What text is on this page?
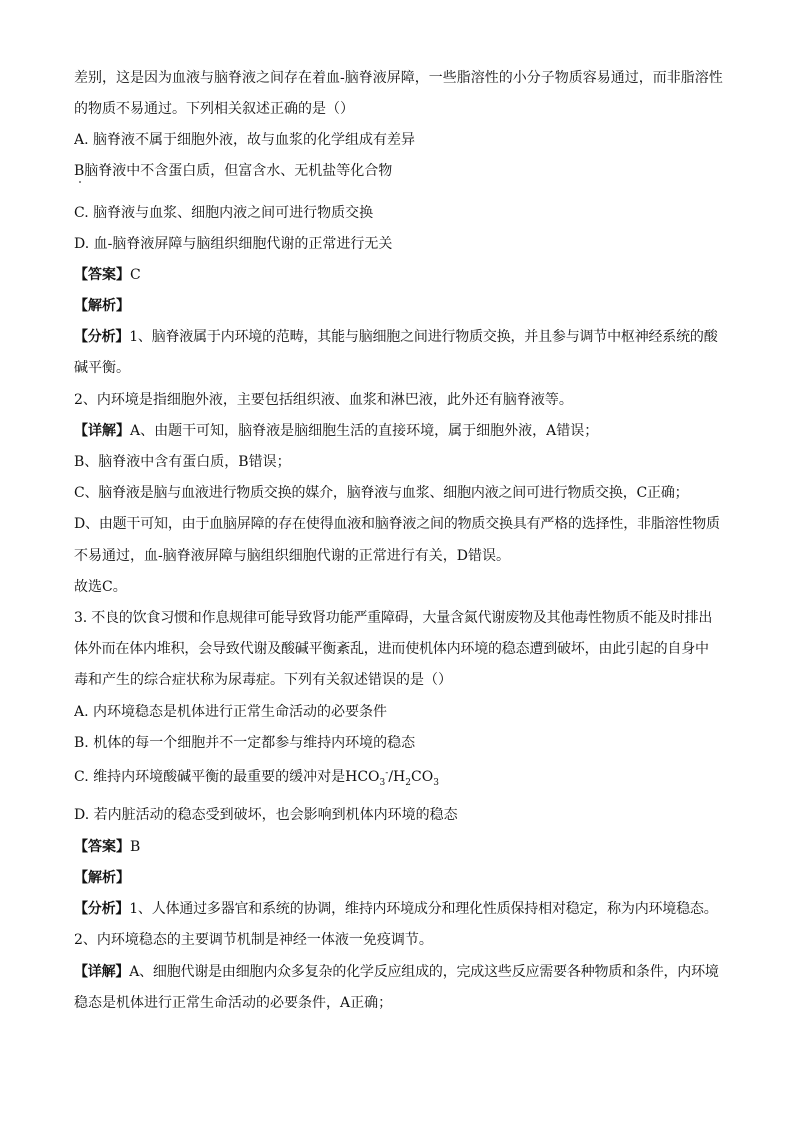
差别，这是因为血液与脑脊液之间存在着血-脑脊液屏障，一些脂溶性的小分子物质容易通过，而非脂溶性
的物质不易通过。下列相关叙述正确的是（）
A. 脑脊液不属于细胞外液，故与血浆的化学组成有差异
B脑脊液中不含蛋白质，但富含水、无机盐等化合物
C. 脑脊液与血浆、细胞内液之间可进行物质交换
D. 血-脑脊液屏障与脑组织细胞代谢的正常进行无关
【答案】C
【解析】
【分析】1、脑脊液属于内环境的范畴，其能与脑细胞之间进行物质交换，并且参与调节中枢神经系统的酸
碱平衡。
2、内环境是指细胞外液，主要包括组织液、血浆和淋巴液，此外还有脑脊液等。
【详解】A、由题干可知，脑脊液是脑细胞生活的直接环境，属于细胞外液，A错误；
B、脑脊液中含有蛋白质，B错误；
C、脑脊液是脑与血液进行物质交换的媒介，脑脊液与血浆、细胞内液之间可进行物质交换，C正确；
D、由题干可知，由于血脑屏障的存在使得血液和脑脊液之间的物质交换具有严格的选择性，非脂溶性物质
不易通过，血-脑脊液屏障与脑组织细胞代谢的正常进行有关，D错误。
故选C。
3. 不良的饮食习惯和作息规律可能导致肾功能严重障碍，大量含氮代谢废物及其他毒性物质不能及时排出
体外而在体内堆积，会导致代谢及酸碱平衡紊乱，进而使机体内环境的稳态遭到破坏，由此引起的自身中
毒和产生的综合症状称为尿毒症。下列有关叙述错误的是（）
A. 内环境稳态是机体进行正常生命活动的必要条件
B. 机体的每一个细胞并不一定都参与维持内环境的稳态
C. 维持内环境酸碱平衡的最重要的缓冲对是$HCO_3^-/H_2CO_3$
D. 若内脏活动的稳态受到破坏，也会影响到机体内环境的稳态
【答案】B
【解析】
【分析】1、人体通过多器官和系统的协调，维持内环境成分和理化性质保持相对稳定，称为内环境稳态。
2、内环境稳态的主要调节机制是神经一体液一免疫调节。
【详解】A、细胞代谢是由细胞内众多复杂的化学反应组成的，完成这些反应需要各种物质和条件，内环境
稳态是机体进行正常生命活动的必要条件，A正确；
